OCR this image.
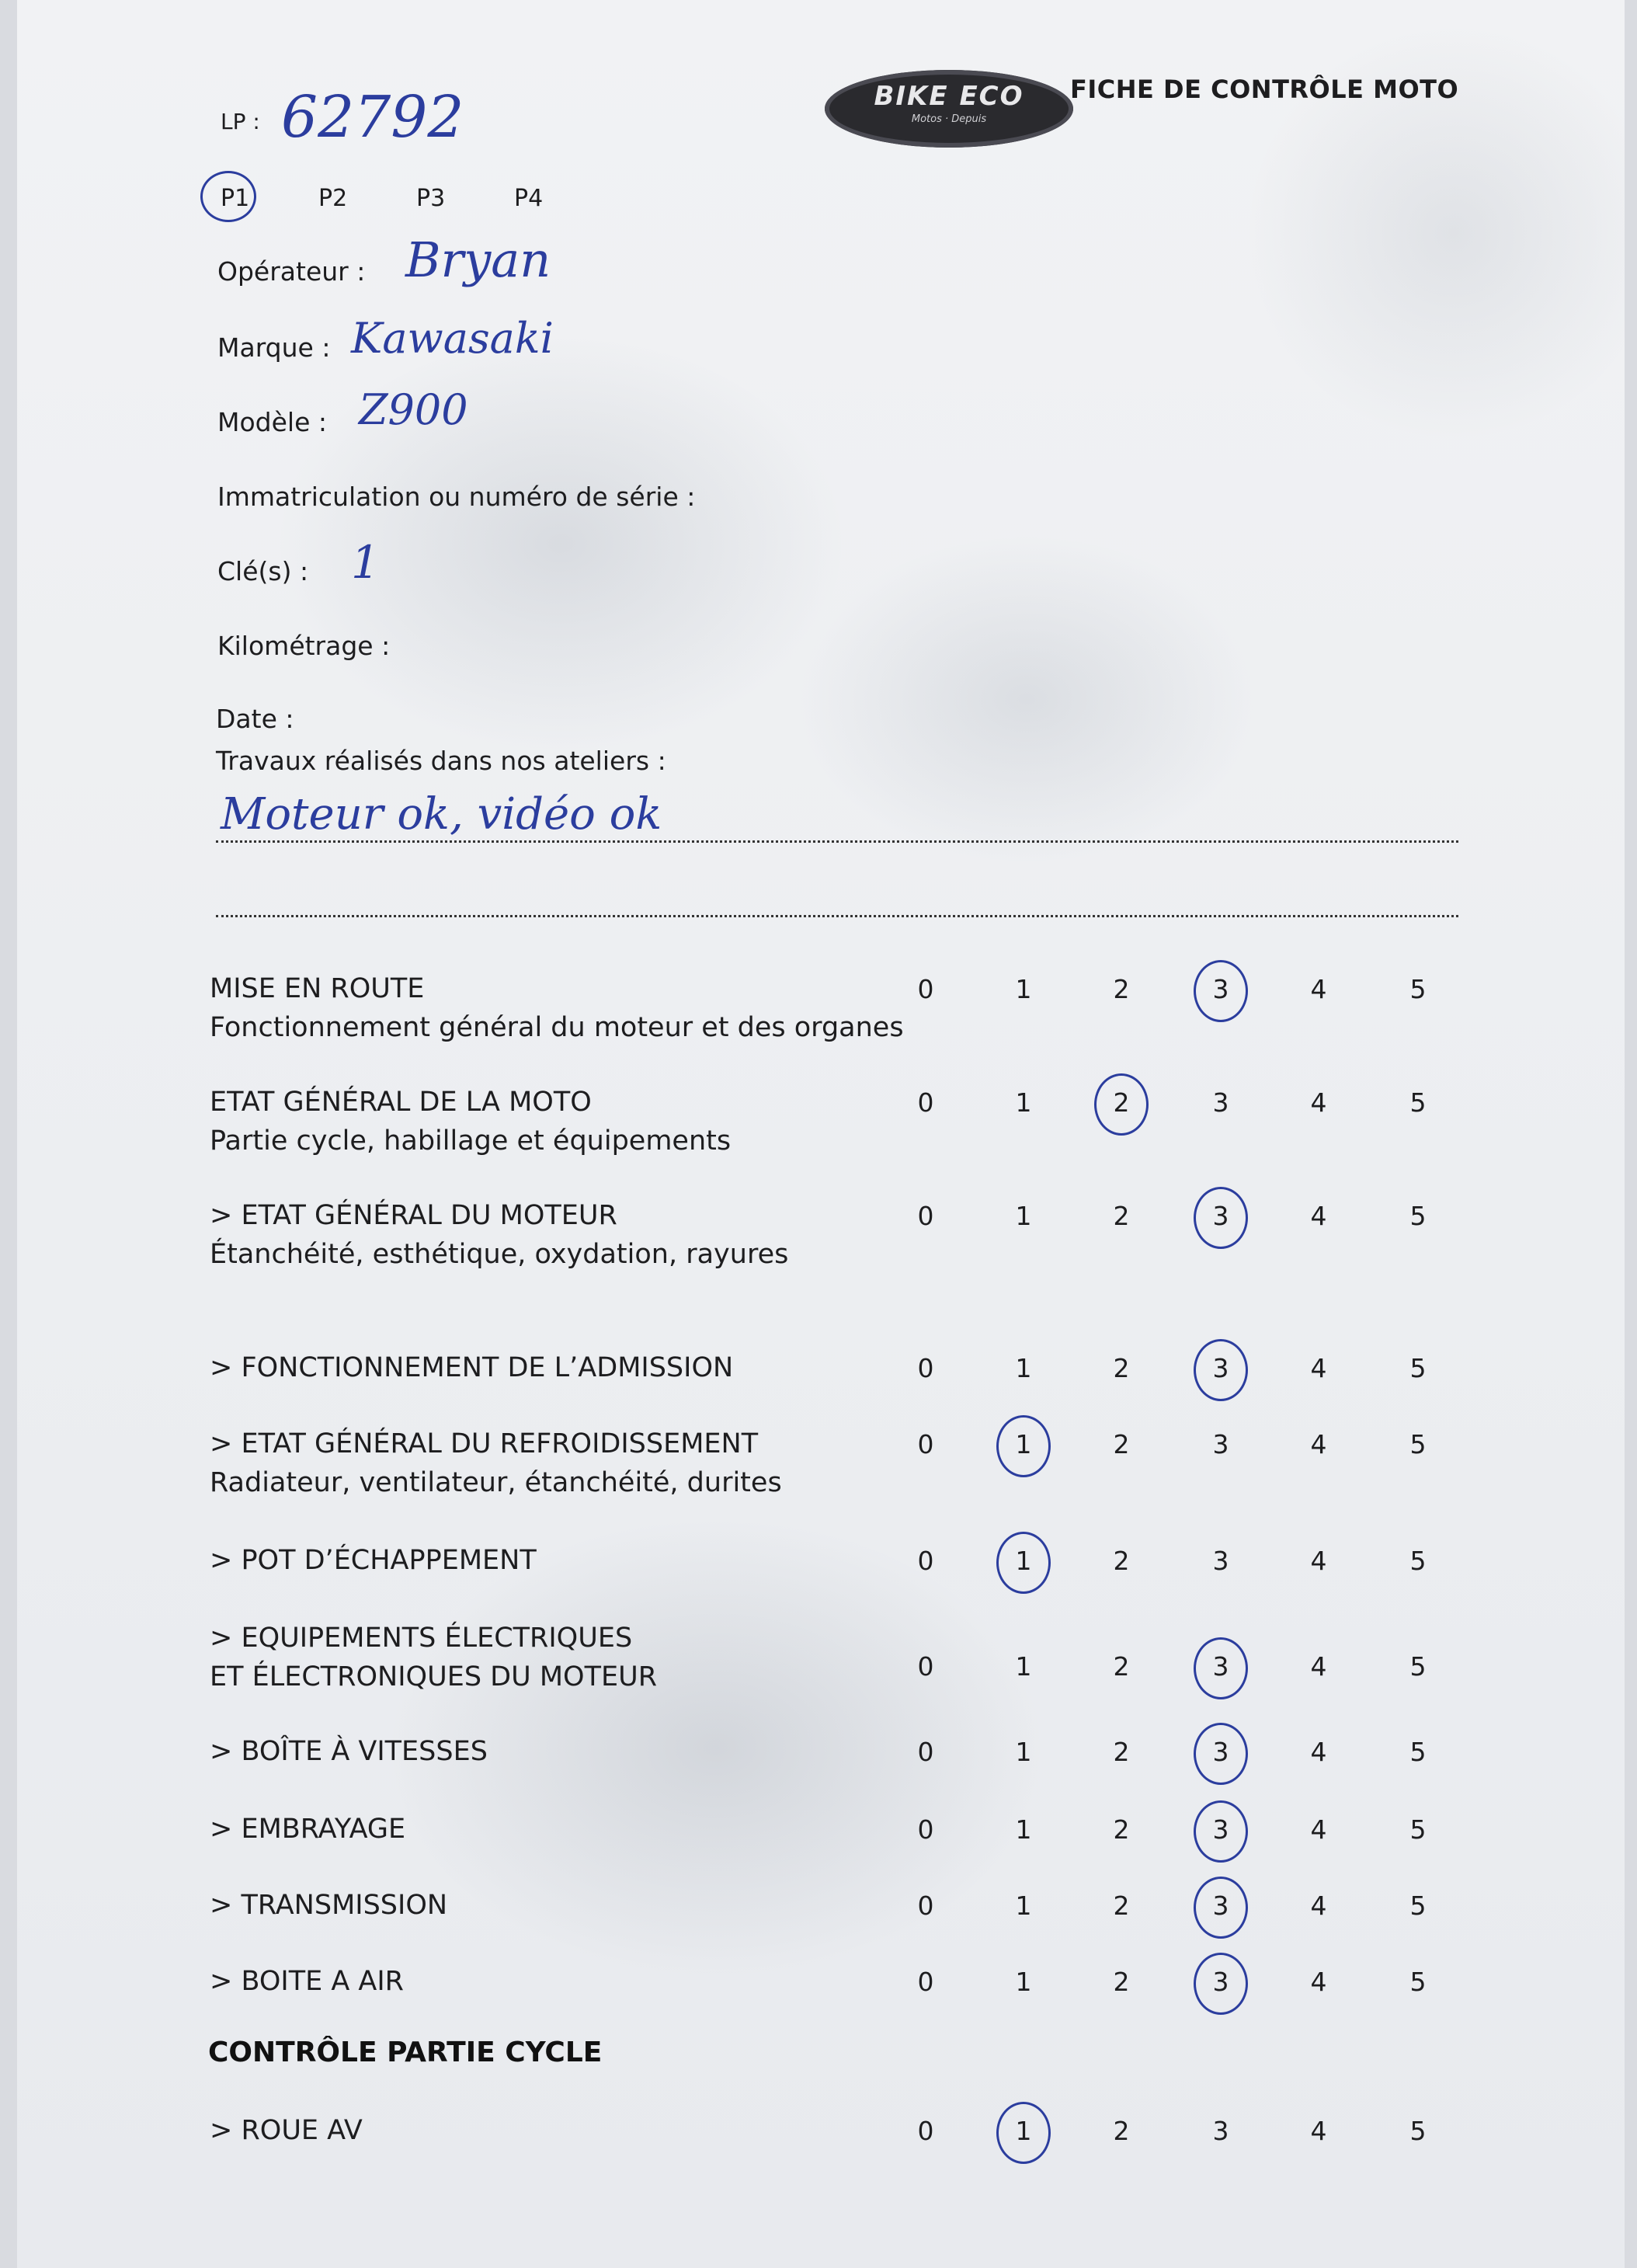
BIKE ECO
Motos · Depuis
FICHE DE CONTRÔLE MOTO
LP : 62792
P1	P2	P3	P4
Opérateur : Bryan
Marque : Kawasaki
Modèle : Z900
Immatriculation ou numéro de série :
Clé(s) : 1
Kilométrage :
Date :
Travaux réalisés dans nos ateliers :
Moteur ok, vidéo ok
MISE EN ROUTE
Fonctionnement général du moteur et des organes
0	1	2	3	4	5
ETAT GÉNÉRAL DE LA MOTO
Partie cycle, habillage et équipements
0	1	2	3	4	5
> ETAT GÉNÉRAL DU MOTEUR
Étanchéité, esthétique, oxydation, rayures
0	1	2	3	4	5
> FONCTIONNEMENT DE L’ADMISSION	0	1	2	3	4	5
> ETAT GÉNÉRAL DU REFROIDISSEMENT
Radiateur, ventilateur, étanchéité, durites
0	1	2	3	4	5
> POT D’ÉCHAPPEMENT	0	1	2	3	4	5
> EQUIPEMENTS ÉLECTRIQUES
ET ÉLECTRONIQUES DU MOTEUR	0	1	2	3	4	5
> BOÎTE À VITESSES	0	1	2	3	4	5
> EMBRAYAGE	0	1	2	3	4	5
> TRANSMISSION	0	1	2	3	4	5
> BOITE A AIR	0	1	2	3	4	5
CONTRÔLE PARTIE CYCLE
> ROUE AV	0	1	2	3	4	5
